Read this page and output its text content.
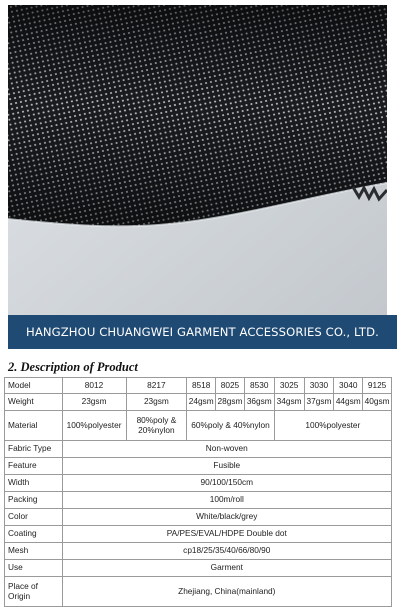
HANGZHOU CHUANGWEI GARMENT ACCESSORIES CO., LTD.
2. Description of Product
Model	8012	8217	8518	8025	8530	3025	3030	3040	9125
Weight	23gsm	23gsm	24gsm	28gsm	36gsm	34gsm	37gsm	44gsm	40gsm
Material	100%polyester	80%poly & 20%nylon	60%poly & 40%nylon			100%polyester			
Fabric Type	Non-woven								
Feature	Fusible								
Width	90/100/150cm								
Packing	100m/roll								
Color	White/black/grey								
Coating	PA/PES/EVAL/HDPE Double dot								
Mesh	cp18/25/35/40/66/80/90								
Use	Garment								
Place of Origin	Zhejiang, China(mainland)								
